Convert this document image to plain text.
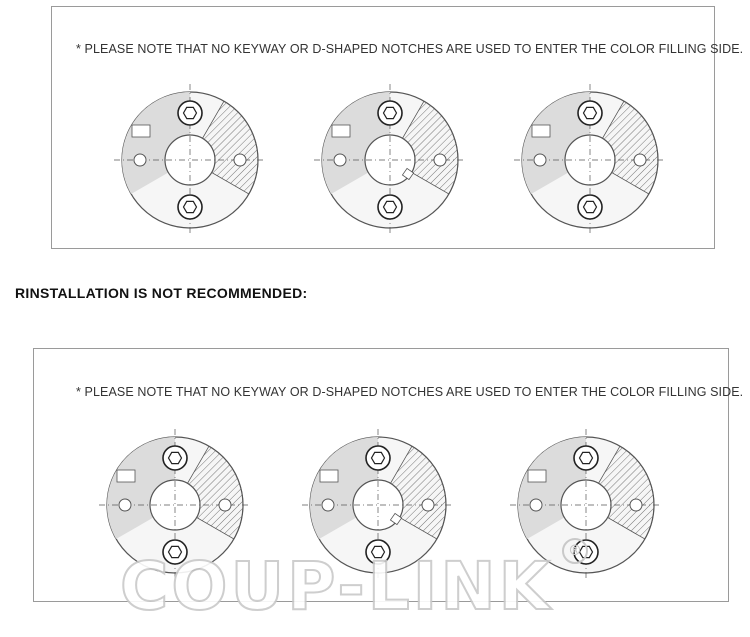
* PLEASE NOTE THAT NO KEYWAY OR D-SHAPED NOTCHES ARE USED TO ENTER THE COLOR FILLING SIDE.
RINSTALLATION IS NOT RECOMMENDED:
* PLEASE NOTE THAT NO KEYWAY OR D-SHAPED NOTCHES ARE USED TO ENTER THE COLOR FILLING SIDE.
COUP-LINK	®
